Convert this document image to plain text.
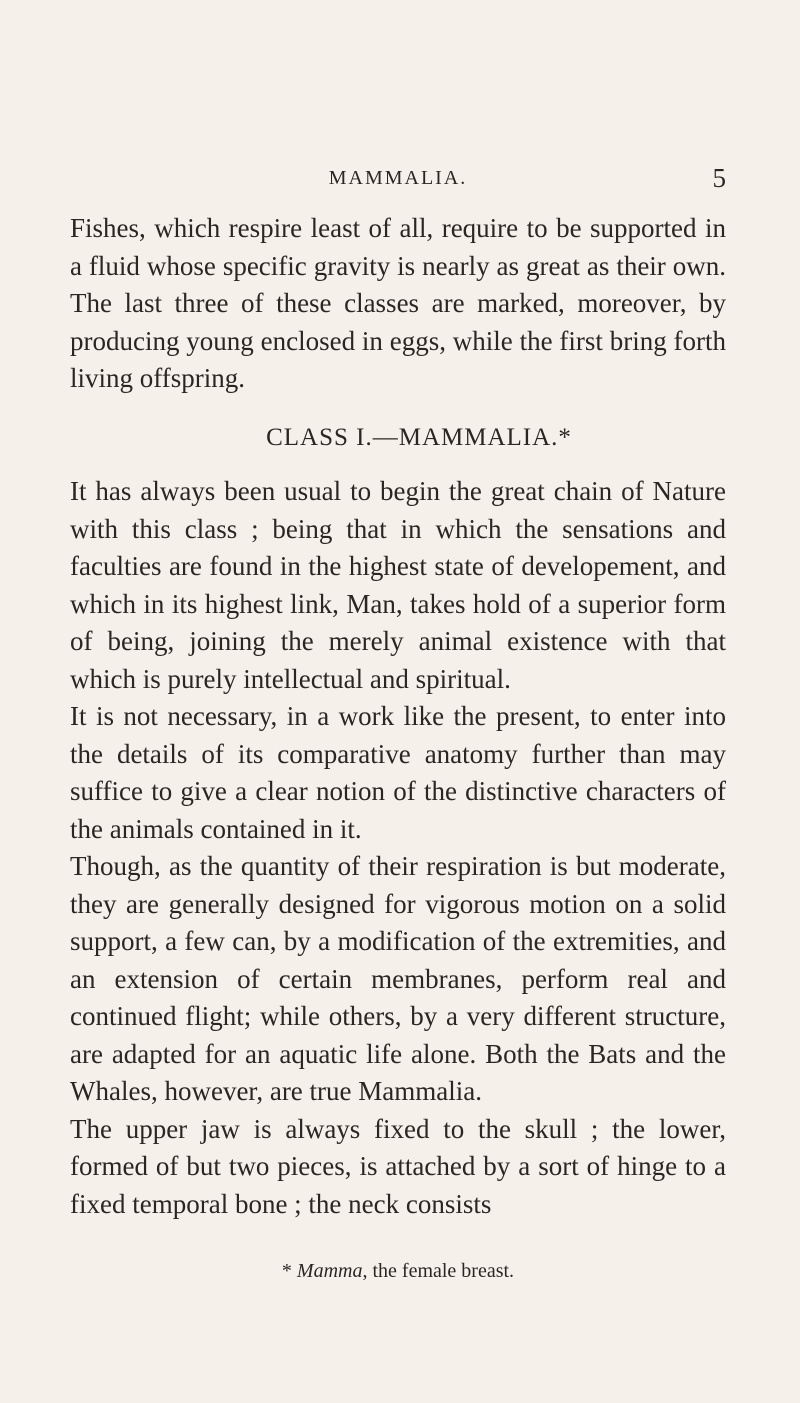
MAMMALIA.	5

Fishes, which respire least of all, require to be supported in a fluid whose specific gravity is nearly as great as their own. The last three of these classes are marked, moreover, by producing young enclosed in eggs, while the first bring forth living offspring.

CLASS I.—MAMMALIA.*

It has always been usual to begin the great chain of Nature with this class ; being that in which the sensations and faculties are found in the highest state of developement, and which in its highest link, Man, takes hold of a superior form of being, joining the merely animal existence with that which is purely intellectual and spiritual.

It is not necessary, in a work like the present, to enter into the details of its comparative anatomy further than may suffice to give a clear notion of the distinctive characters of the animals contained in it.

Though, as the quantity of their respiration is but moderate, they are generally designed for vigorous motion on a solid support, a few can, by a modification of the extremities, and an extension of certain membranes, perform real and continued flight; while others, by a very different structure, are adapted for an aquatic life alone. Both the Bats and the Whales, however, are true Mammalia.

The upper jaw is always fixed to the skull ; the lower, formed of but two pieces, is attached by a sort of hinge to a fixed temporal bone ; the neck consists

* Mamma, the female breast.
